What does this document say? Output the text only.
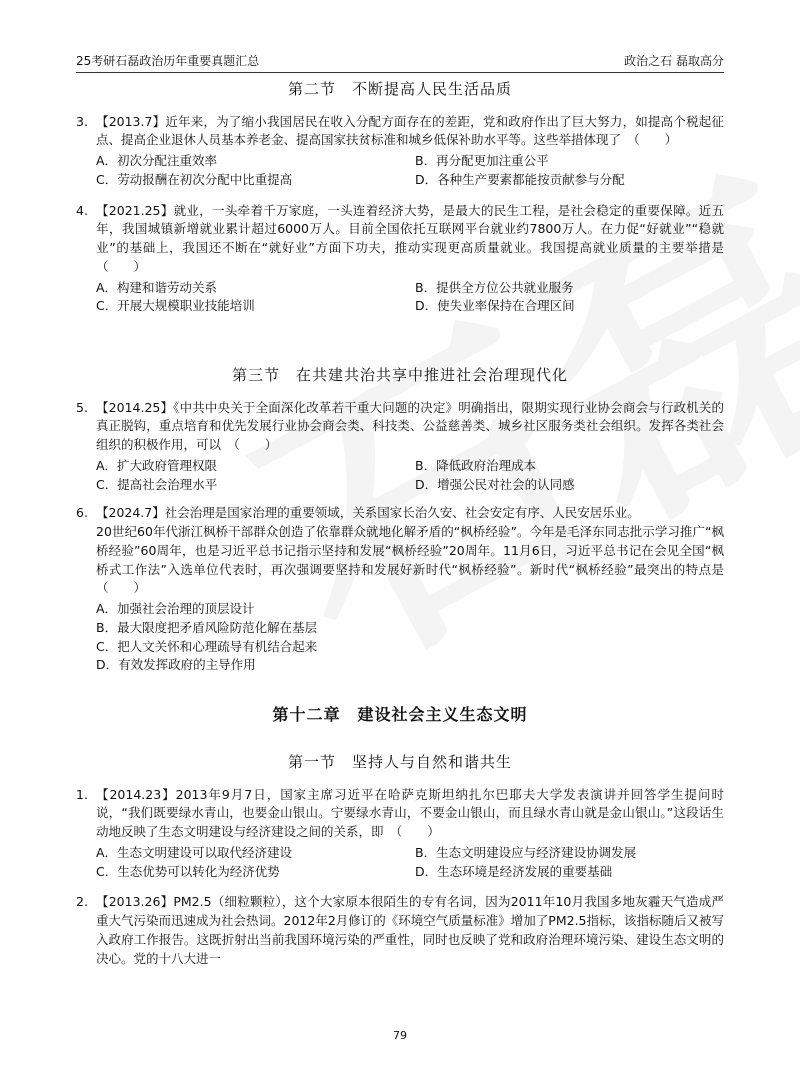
25考研石磊政治历年重要真题汇总	政治之石 磊取高分
第二节　不断提高人民生活品质
3. 【2013.7】近年来，为了缩小我国居民在收入分配方面存在的差距，党和政府作出了巨大努力，如提高个税起征点、提高企业退休人员基本养老金、提高国家扶贫标准和城乡低保补助水平等。这些举措体现了　（　　）
A．初次分配注重效率	B．再分配更加注重公平
C．劳动报酬在初次分配中比重提高	D．各种生产要素都能按贡献参与分配
4. 【2021.25】就业，一头牵着千万家庭，一头连着经济大势，是最大的民生工程，是社会稳定的重要保障。近五年，我国城镇新增就业累计超过6000万人。目前全国依托互联网平台就业约7800万人。在力促“好就业”“稳就业”的基础上，我国还不断在“就好业”方面下功夫，推动实现更高质量就业。我国提高就业质量的主要举措是　（　　）
A．构建和谐劳动关系	B．提供全方位公共就业服务
C．开展大规模职业技能培训	D．使失业率保持在合理区间
第三节　在共建共治共享中推进社会治理现代化
5. 【2014.25】《中共中央关于全面深化改革若干重大问题的决定》明确指出，限期实现行业协会商会与行政机关的真正脱钩，重点培育和优先发展行业协会商会类、科技类、公益慈善类、城乡社区服务类社会组织。发挥各类社会组织的积极作用，可以　（　　）
A．扩大政府管理权限	B．降低政府治理成本
C．提高社会治理水平	D．增强公民对社会的认同感
6. 【2024.7】社会治理是国家治理的重要领域，关系国家长治久安、社会安定有序、人民安居乐业。
20世纪60年代浙江枫桥干部群众创造了依靠群众就地化解矛盾的“枫桥经验”。今年是毛泽东同志批示学习推广“枫桥经验”60周年，也是习近平总书记指示坚持和发展“枫桥经验”20周年。11月6日，习近平总书记在会见全国“枫桥式工作法”入选单位代表时，再次强调要坚持和发展好新时代“枫桥经验”。新时代“枫桥经验”最突出的特点是　（　　）
A．加强社会治理的顶层设计
B．最大限度把矛盾风险防范化解在基层
C．把人文关怀和心理疏导有机结合起来
D．有效发挥政府的主导作用
第十二章　建设社会主义生态文明
第一节　坚持人与自然和谐共生
1. 【2014.23】2013年9月7日，国家主席习近平在哈萨克斯坦纳扎尔巴耶夫大学发表演讲并回答学生提问时说，“我们既要绿水青山，也要金山银山。宁要绿水青山，不要金山银山，而且绿水青山就是金山银山。”这段话生动地反映了生态文明建设与经济建设之间的关系，即　（　　）
A．生态文明建设可以取代经济建设	B．生态文明建设应与经济建设协调发展
C．生态优势可以转化为经济优势	D．生态环境是经济发展的重要基础
2. 【2013.26】PM2.5（细粒颗粒），这个大家原本很陌生的专有名词，因为2011年10月我国多地灰霾天气造成严重大气污染而迅速成为社会热词。2012年2月修订的《环境空气质量标准》增加了PM2.5指标，该指标随后又被写入政府工作报告。这既折射出当前我国环境污染的严重性，同时也反映了党和政府治理环境污染、建设生态文明的决心。党的十八大进一
79
